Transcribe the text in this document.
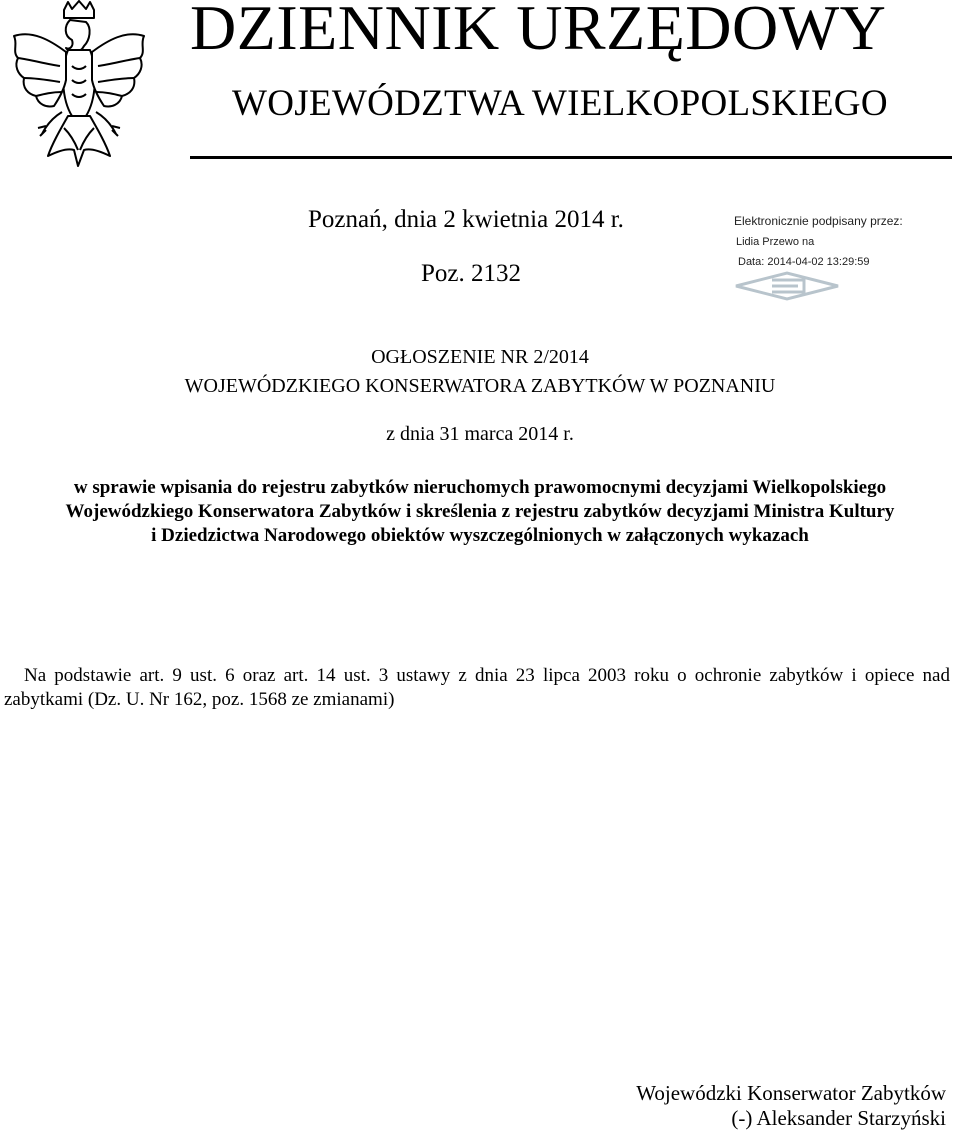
DZIENNIK URZĘDOWY
WOJEWÓDZTWA WIELKOPOLSKIEGO
Poznań, dnia 2 kwietnia 2014 r.
Poz. 2132
Elektronicznie podpisany przez:
Lidia Przewo na
Data: 2014-04-02 13:29:59
OGŁOSZENIE NR 2/2014
WOJEWÓDZKIEGO KONSERWATORA ZABYTKÓW W POZNANIU
z dnia 31 marca 2014 r.
w sprawie wpisania do rejestru zabytków nieruchomych prawomocnymi decyzjami Wielkopolskiego
Wojewódzkiego Konserwatora Zabytków i skreślenia z rejestru zabytków decyzjami Ministra Kultury
i Dziedzictwa Narodowego obiektów wyszczególnionych w załączonych wykazach
Na podstawie art. 9 ust. 6 oraz art. 14 ust. 3 ustawy z dnia 23 lipca 2003 roku o ochronie zabytków i opiece nad zabytkami (Dz. U. Nr 162, poz. 1568 ze zmianami)
Wojewódzki Konserwator Zabytków
(-) Aleksander Starzyński
